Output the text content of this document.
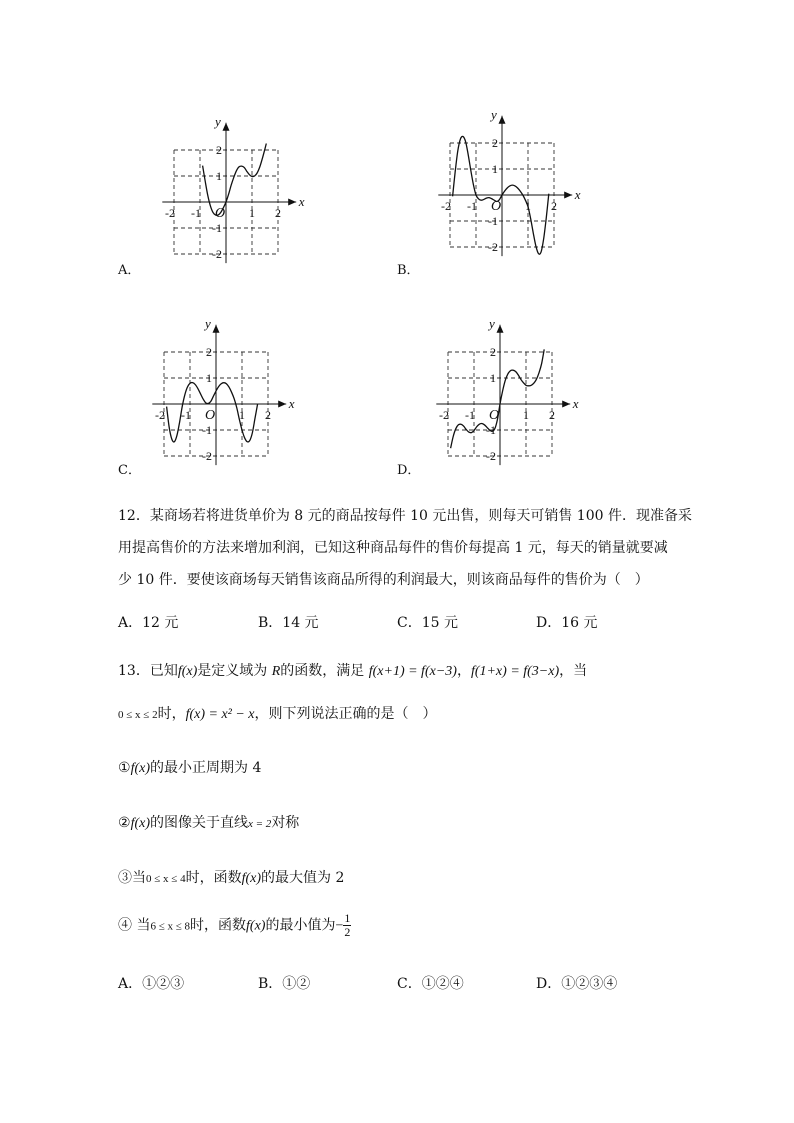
x
y
O
-2 -1	1 2
2
1
-1
-2
A．
x
y
O
-2 -1	1 2
2
1
-1
-2
B．
x
y
O
-2 -1	1 2
2
1
-1
-2
C．
x
y
O
-2 -1	1 2
2
1
-1
-2
D．
12．某商场若将进货单价为 8 元的商品按每件 10 元出售，则每天可销售 100 件．现准备采
用提高售价的方法来增加利润，已知这种商品每件的售价每提高 1 元，每天的销量就要减
少 10 件．要使该商场每天销售该商品所得的利润最大，则该商品每件的售价为（　）
A．12 元	B．14 元	C．15 元	D．16 元
13．已知f(x)是定义域为 R的函数，满足 f(x+1) = f(x−3)，f(1+x) = f(3−x)，当
0 ≤ x ≤ 2时，f(x) = x² − x，则下列说法正确的是（　）
①f(x)的最小正周期为 4
②f(x)的图像关于直线x = 2对称
③当0 ≤ x ≤ 4时，函数f(x)的最大值为 2
④ 当6 ≤ x ≤ 8时，函数f(x)的最小值为− $\frac{1}{2}$
A．①②③	B．①②	C．①②④	D．①②③④
